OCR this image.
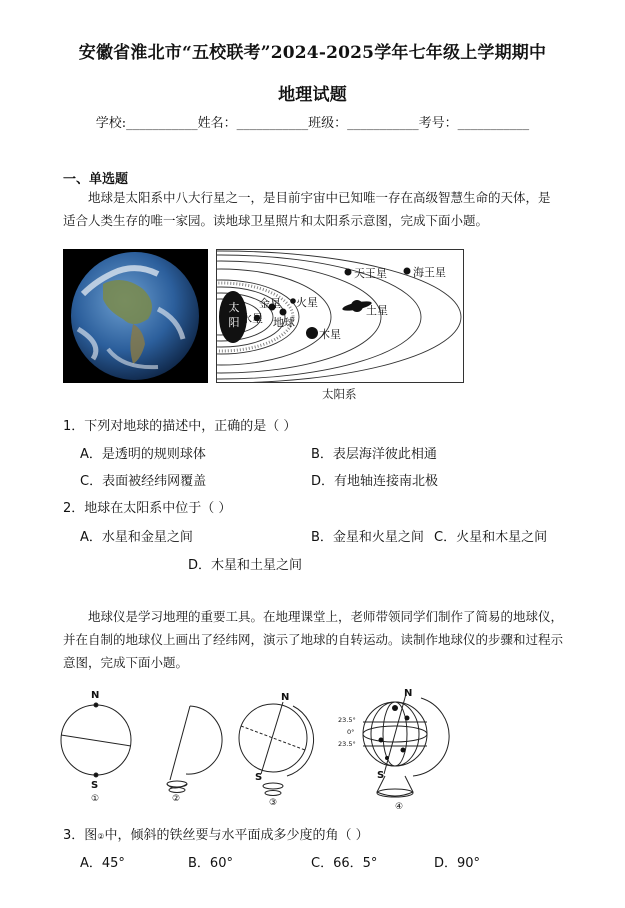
安徽省淮北市“五校联考”2024-2025学年七年级上学期期中
地理试题
学校:___________姓名：___________班级：___________考号：___________
一、单选题

地球是太阳系中八大行星之一，是目前宇宙中已知唯一存在高级智慧生命的天体，是

适合人类生存的唯一家园。读地球卫星照片和太阳系示意图，完成下面小题。
太
阳 水星
金星
地球
火星
木星
土星
天王星 海王星
太阳系
1．下列对地球的描述中，正确的是（ ）
A．是透明的规则球体	B．表层海洋彼此相通
C．表面被经纬网覆盖	D．有地轴连接南北极
2．地球在太阳系中位于（ ）
A．水星和金星之间	B．金星和火星之间 C．火星和木星之间
D．木星和土星之间

地球仪是学习地理的重要工具。在地理课堂上，老师带领同学们制作了简易的地球仪，

并在自制的地球仪上画出了经纬网，演示了地球的自转运动。读制作地球仪的步骤和过程示
意图，完成下面小题。
N
S
①	②
N
S
③
N
S
23.5°
0°
23.5°
④
3．图②中，倾斜的铁丝要与水平面成多少度的角（ ）
A．45°	B．60°	C．66．5°	D．90°
